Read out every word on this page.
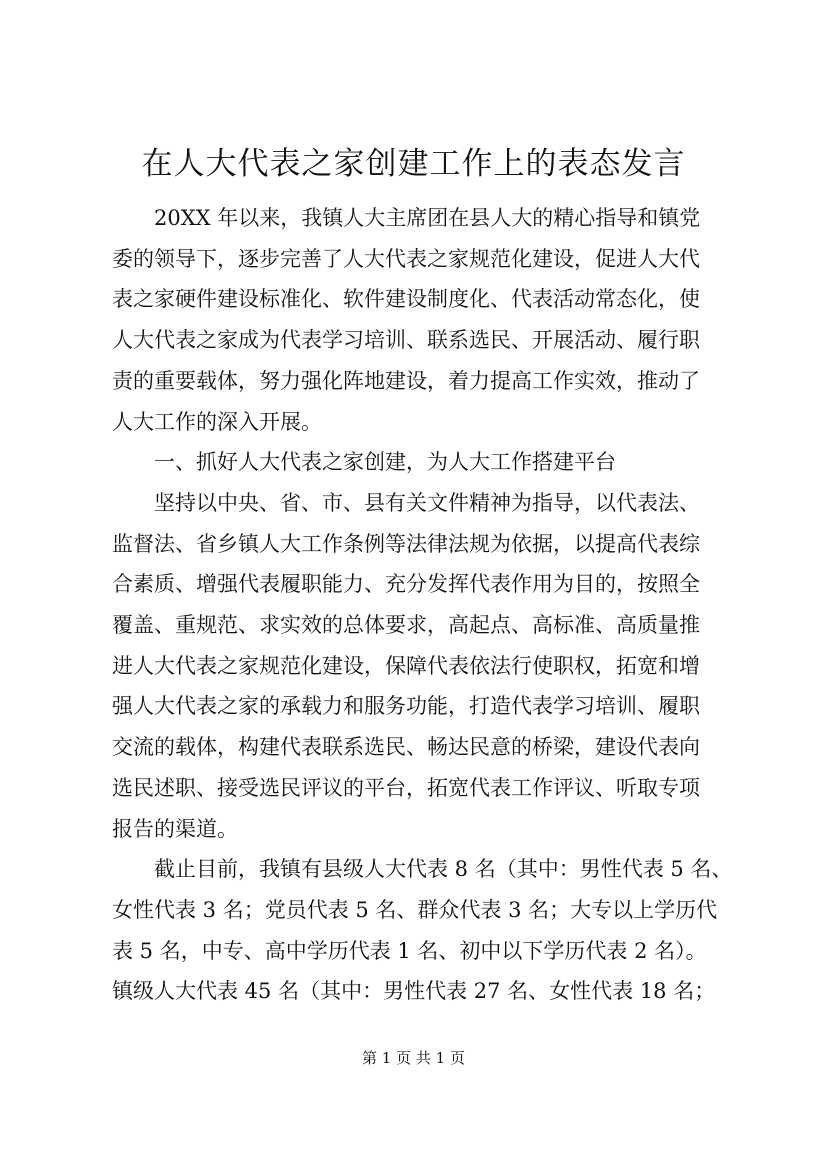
在人大代表之家创建工作上的表态发言

20XX 年以来，我镇人大主席团在县人大的精心指导和镇党
委的领导下，逐步完善了人大代表之家规范化建设，促进人大代
表之家硬件建设标准化、软件建设制度化、代表活动常态化，使
人大代表之家成为代表学习培训、联系选民、开展活动、履行职
责的重要载体，努力强化阵地建设，着力提高工作实效，推动了
人大工作的深入开展。

一、抓好人大代表之家创建，为人大工作搭建平台

坚持以中央、省、市、县有关文件精神为指导，以代表法、
监督法、省乡镇人大工作条例等法律法规为依据，以提高代表综
合素质、增强代表履职能力、充分发挥代表作用为目的，按照全
覆盖、重规范、求实效的总体要求，高起点、高标准、高质量推
进人大代表之家规范化建设，保障代表依法行使职权，拓宽和增
强人大代表之家的承载力和服务功能，打造代表学习培训、履职
交流的载体，构建代表联系选民、畅达民意的桥梁，建设代表向
选民述职、接受选民评议的平台，拓宽代表工作评议、听取专项
报告的渠道。

截止目前，我镇有县级人大代表 8 名（其中：男性代表 5 名、
女性代表 3 名；党员代表 5 名、群众代表 3 名；大专以上学历代
表 5 名，中专、高中学历代表 1 名、初中以下学历代表 2 名）。
镇级人大代表 45 名（其中：男性代表 27 名、女性代表 18 名；

第 1 页 共 1 页
